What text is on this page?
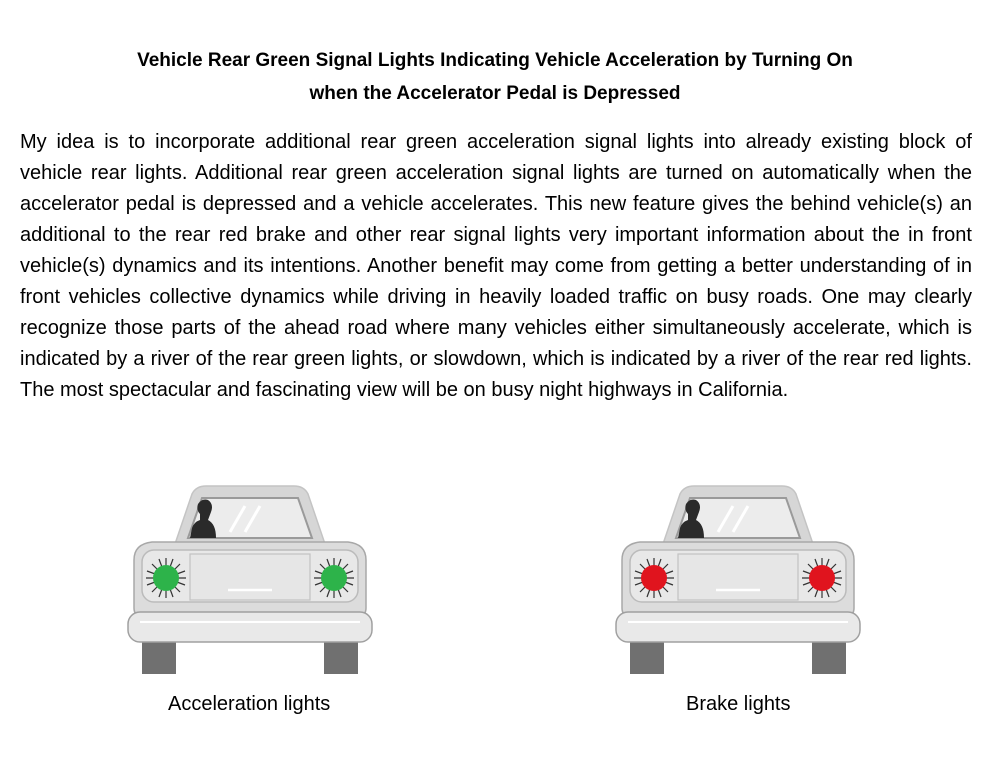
Vehicle Rear Green Signal Lights Indicating Vehicle Acceleration by Turning On
when the Accelerator Pedal is Depressed

My idea is to incorporate additional rear green acceleration signal lights into already existing block of vehicle rear lights. Additional rear green acceleration signal lights are turned on automatically when the accelerator pedal is depressed and a vehicle accelerates. This new feature gives the behind vehicle(s) an additional to the rear red brake and other rear signal lights very important information about the in front vehicle(s) dynamics and its intentions. Another benefit may come from getting a better understanding of in front vehicles collective dynamics while driving in heavily loaded traffic on busy roads. One may clearly recognize those parts of the ahead road where many vehicles either simultaneously accelerate, which is indicated by a river of the rear green lights, or slowdown, which is indicated by a river of the rear red lights. The most spectacular and fascinating view will be on busy night highways in California.

Acceleration lights	Brake lights
